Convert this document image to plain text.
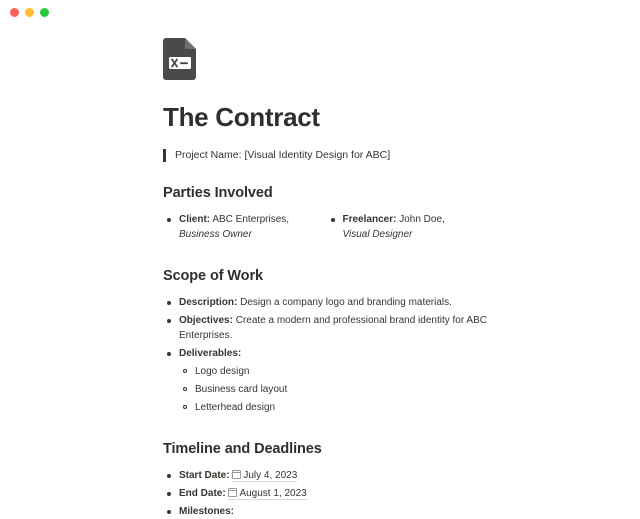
The Contract
Project Name: [Visual Identity Design for ABC]
Parties Involved
Client: ABC Enterprises,
Business Owner
Freelancer: John Doe,
Visual Designer
Scope of Work
Description: Design a company logo and branding materials.
Objectives: Create a modern and professional brand identity for ABC Enterprises.
Deliverables:
Logo design
Business card layout
Letterhead design
Timeline and Deadlines
Start Date: July 4, 2023
End Date: August 1, 2023
Milestones:
